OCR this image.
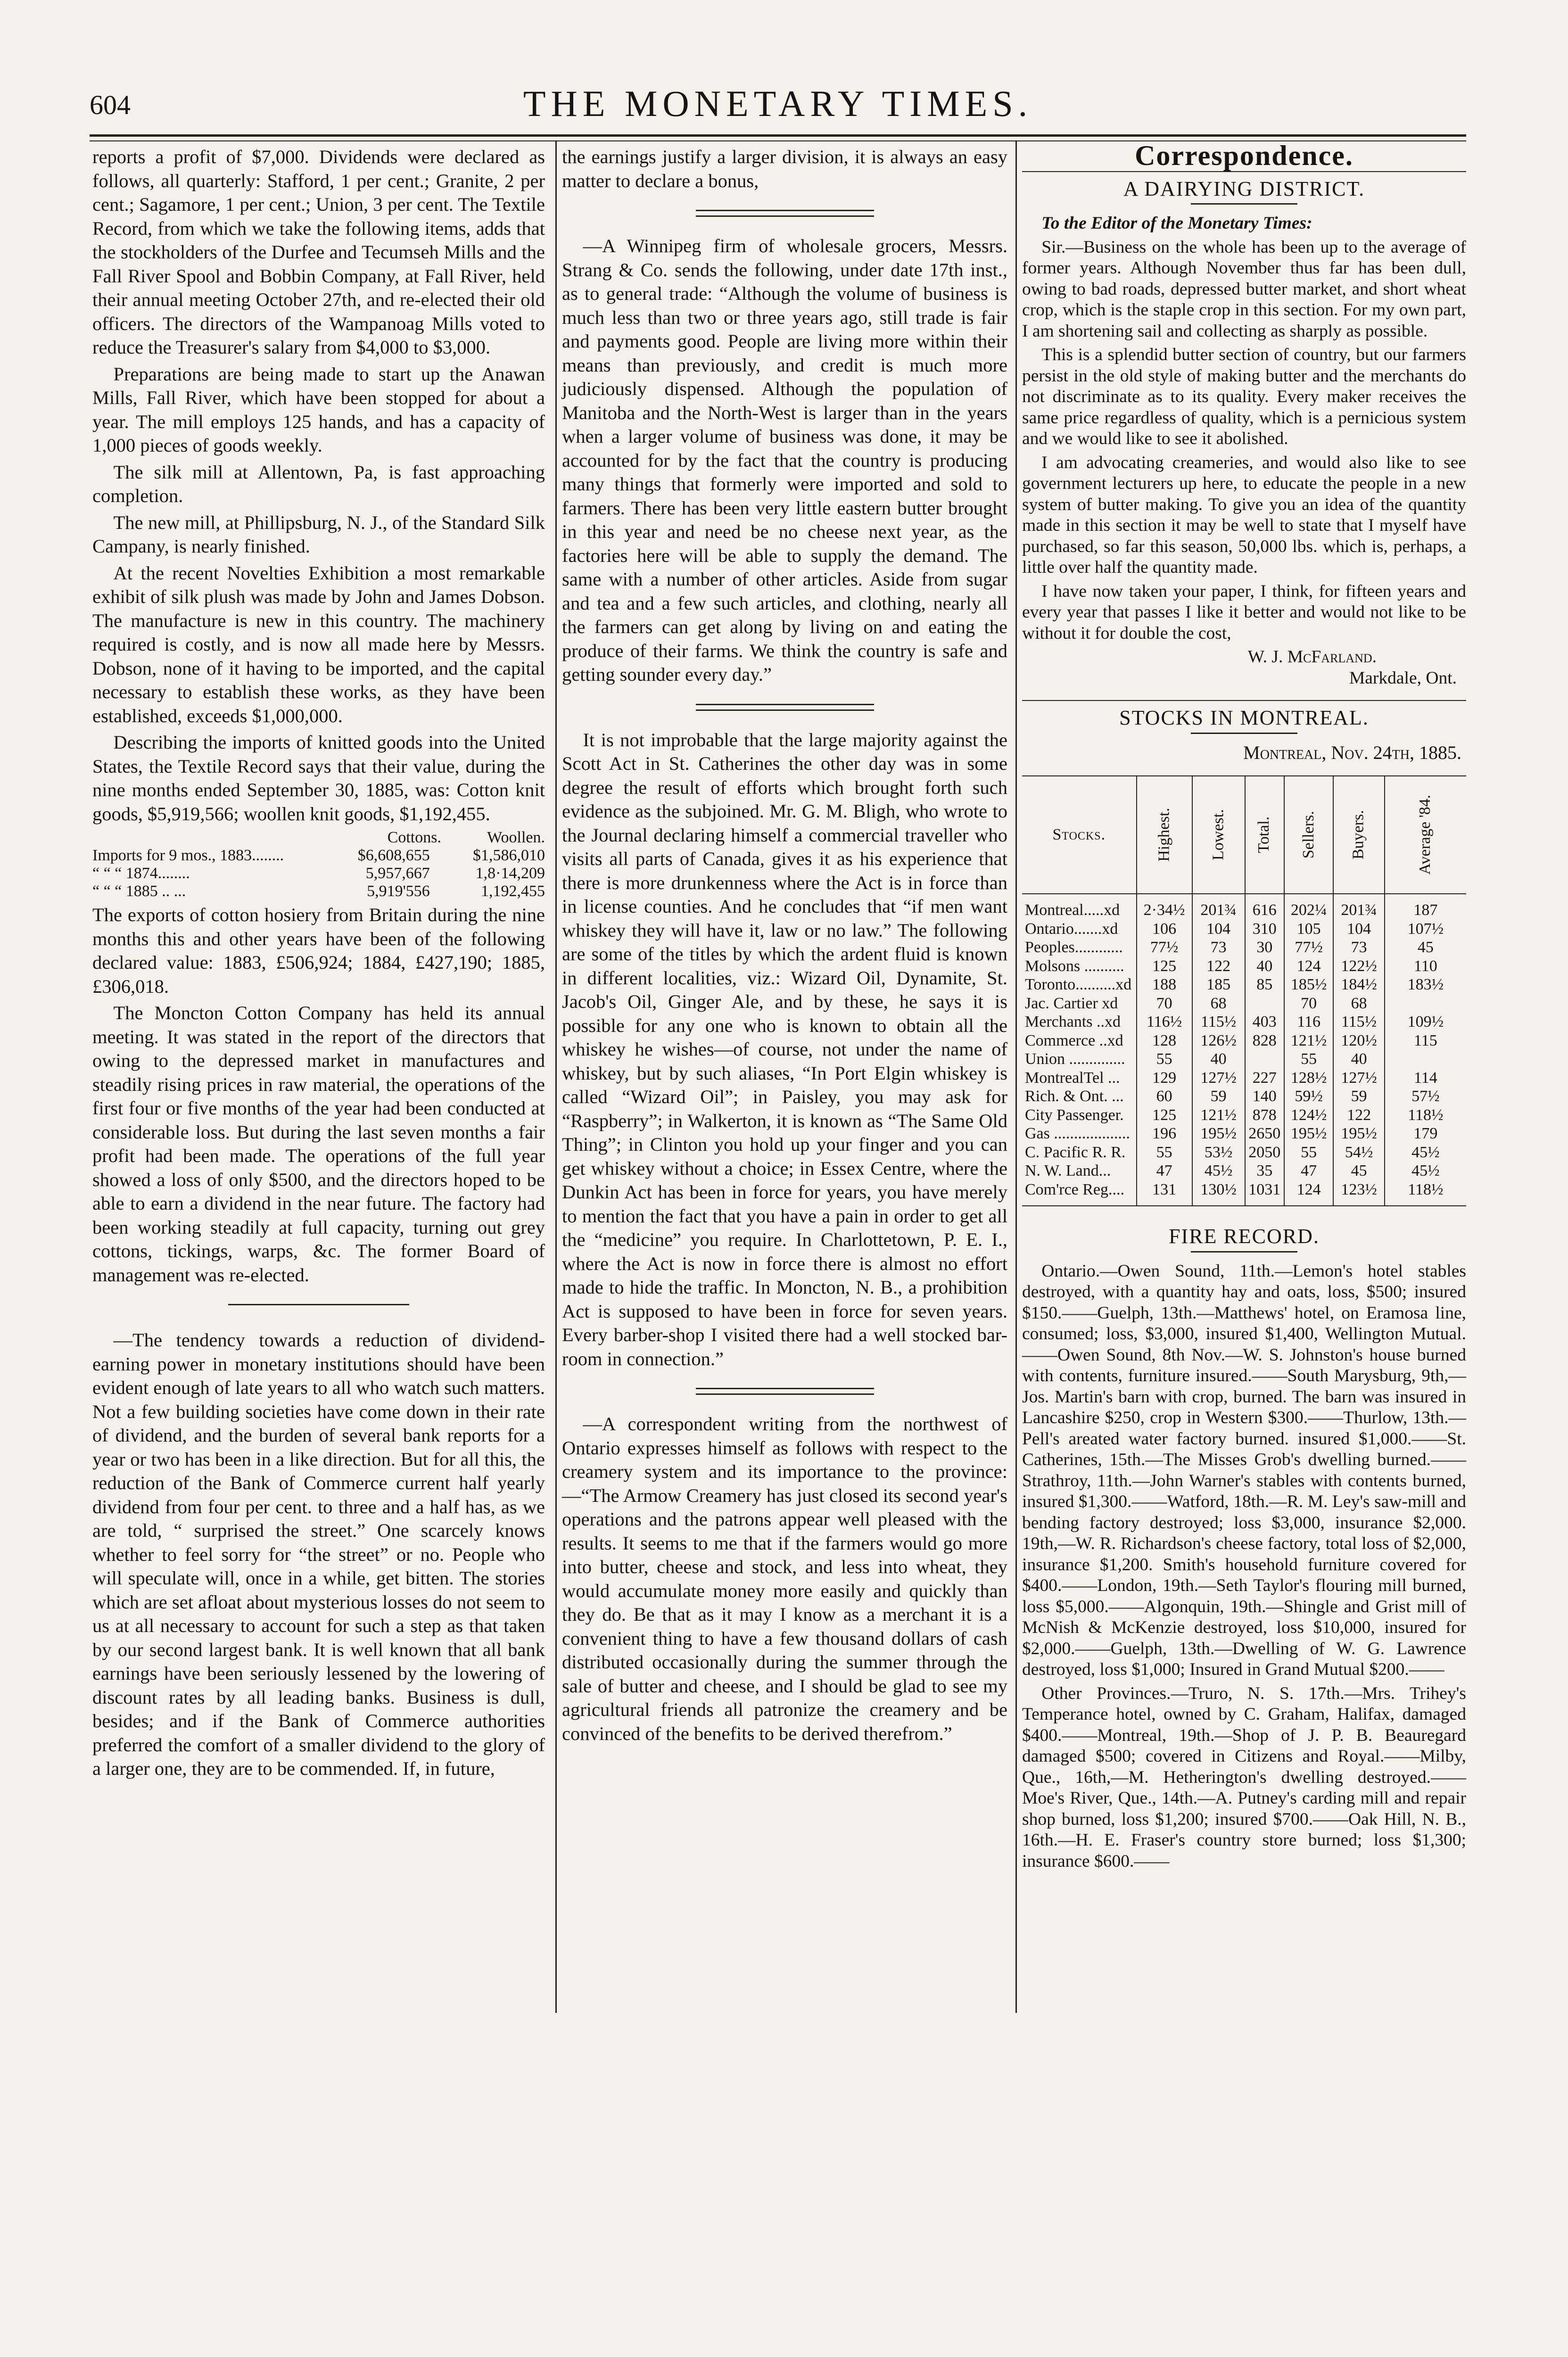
604	THE MONETARY TIMES.

reports a profit of $7,000. Dividends were declared as follows, all quarterly: Stafford, 1 per cent.; Granite, 2 per cent.; Sagamore, 1 per cent.; Union, 3 per cent. The Textile Record, from which we take the following items, adds that the stockholders of the Durfee and Tecumseh Mills and the Fall River Spool and Bobbin Company, at Fall River, held their annual meeting October 27th, and re-elected their old officers. The directors of the Wampanoag Mills voted to reduce the Treasurer's salary from $4,000 to $3,000.

Preparations are being made to start up the Anawan Mills, Fall River, which have been stopped for about a year. The mill employs 125 hands, and has a capacity of 1,000 pieces of goods weekly.

The silk mill at Allentown, Pa, is fast approaching completion.

The new mill, at Phillipsburg, N. J., of the Standard Silk Campany, is nearly finished.

At the recent Novelties Exhibition a most remarkable exhibit of silk plush was made by John and James Dobson. The manufacture is new in this country. The machinery required is costly, and is now all made here by Messrs. Dobson, none of it having to be imported, and the capital necessary to establish these works, as they have been established, exceeds $1,000,000.

Describing the imports of knitted goods into the United States, the Textile Record says that their value, during the nine months ended September 30, 1885, was: Cotton knit goods, $5,919,566; woollen knit goods, $1,192,455.

Cottons.	Woollen.
Imports for 9 mos., 1883........	$6,608,655	$1,586,010
“ “ “ 1874........	5,957,667	1,8·14,209
“ “ “ 1885 .. ...	5,919'556	1,192,455

The exports of cotton hosiery from Britain during the nine months this and other years have been of the following declared value: 1883, £506,924; 1884, £427,190; 1885, £306,018.

The Moncton Cotton Company has held its annual meeting. It was stated in the report of the directors that owing to the depressed market in manufactures and steadily rising prices in raw material, the operations of the first four or five months of the year had been conducted at considerable loss. But during the last seven months a fair profit had been made. The operations of the full year showed a loss of only $500, and the directors hoped to be able to earn a dividend in the near future. The factory had been working steadily at full capacity, turning out grey cottons, tickings, warps, &c. The former Board of management was re-elected.

—The tendency towards a reduction of dividend-earning power in monetary institutions should have been evident enough of late years to all who watch such matters. Not a few building societies have come down in their rate of dividend, and the burden of several bank reports for a year or two has been in a like direction. But for all this, the reduction of the Bank of Commerce current half yearly dividend from four per cent. to three and a half has, as we are told, “ surprised the street.” One scarcely knows whether to feel sorry for “the street” or no. People who will speculate will, once in a while, get bitten. The stories which are set afloat about mysterious losses do not seem to us at all necessary to account for such a step as that taken by our second largest bank. It is well known that all bank earnings have been seriously lessened by the lowering of discount rates by all leading banks. Business is dull, besides; and if the Bank of Commerce authorities preferred the comfort of a smaller dividend to the glory of a larger one, they are to be commended. If, in future,

the earnings justify a larger division, it is always an easy matter to declare a bonus,

—A Winnipeg firm of wholesale grocers, Messrs. Strang & Co. sends the following, under date 17th inst., as to general trade: “Although the volume of business is much less than two or three years ago, still trade is fair and payments good. People are living more within their means than previously, and credit is much more judiciously dispensed. Although the population of Manitoba and the North-West is larger than in the years when a larger volume of business was done, it may be accounted for by the fact that the country is producing many things that formerly were imported and sold to farmers. There has been very little eastern butter brought in this year and need be no cheese next year, as the factories here will be able to supply the demand. The same with a number of other articles. Aside from sugar and tea and a few such articles, and clothing, nearly all the farmers can get along by living on and eating the produce of their farms. We think the country is safe and getting sounder every day.”

It is not improbable that the large majority against the Scott Act in St. Catherines the other day was in some degree the result of efforts which brought forth such evidence as the subjoined. Mr. G. M. Bligh, who wrote to the Journal declaring himself a commercial traveller who visits all parts of Canada, gives it as his experience that there is more drunkenness where the Act is in force than in license counties. And he concludes that “if men want whiskey they will have it, law or no law.” The following are some of the titles by which the ardent fluid is known in different localities, viz.: Wizard Oil, Dynamite, St. Jacob's Oil, Ginger Ale, and by these, he says it is possible for any one who is known to obtain all the whiskey he wishes—of course, not under the name of whiskey, but by such aliases, “In Port Elgin whiskey is called “Wizard Oil”; in Paisley, you may ask for “Raspberry”; in Walkerton, it is known as “The Same Old Thing”; in Clinton you hold up your finger and you can get whiskey without a choice; in Essex Centre, where the Dunkin Act has been in force for years, you have merely to mention the fact that you have a pain in order to get all the “medicine” you require. In Charlottetown, P. E. I., where the Act is now in force there is almost no effort made to hide the traffic. In Moncton, N. B., a prohibition Act is supposed to have been in force for seven years. Every barber-shop I visited there had a well stocked bar-room in connection.”

—A correspondent writing from the northwest of Ontario expresses himself as follows with respect to the creamery system and its importance to the province:—“The Armow Creamery has just closed its second year's operations and the patrons appear well pleased with the results. It seems to me that if the farmers would go more into butter, cheese and stock, and less into wheat, they would accumulate money more easily and quickly than they do. Be that as it may I know as a merchant it is a convenient thing to have a few thousand dollars of cash distributed occasionally during the summer through the sale of butter and cheese, and I should be glad to see my agricultural friends all patronize the creamery and be convinced of the benefits to be derived therefrom.”

Correspondence.
A DAIRYING DISTRICT.

To the Editor of the Monetary Times:

Sir.—Business on the whole has been up to the average of former years. Although November thus far has been dull, owing to bad roads, depressed butter market, and short wheat crop, which is the staple crop in this section. For my own part, I am shortening sail and collecting as sharply as possible.

This is a splendid butter section of country, but our farmers persist in the old style of making butter and the merchants do not discriminate as to its quality. Every maker receives the same price regardless of quality, which is a pernicious system and we would like to see it abolished.

I am advocating creameries, and would also like to see government lecturers up here, to educate the people in a new system of butter making. To give you an idea of the quantity made in this section it may be well to state that I myself have purchased, so far this season, 50,000 lbs. which is, perhaps, a little over half the quantity made.

I have now taken your paper, I think, for fifteen years and every year that passes I like it better and would not like to be without it for double the cost,

W. J. McFarland.
Markdale, Ont.
STOCKS IN MONTREAL.
Montreal, Nov. 24th, 1885.
Stocks.	Highest.	Lowest.	Total.	Sellers.	Buyers.	Average '84.
Montreal.....xd	2·34½	201¾	616	202¼	201¾	187
Ontario.......xd	106	104	310	105	104	107½
Peoples............	77½	73	30	77½	73	45
Molsons ..........	125	122	40	124	122½	110
Toronto..........xd	188	185	85	185½	184½	183½
Jac. Cartier xd	70	68		70	68	
Merchants ..xd	116½	115½	403	116	115½	109½
Commerce ..xd	128	126½	828	121½	120½	115
Union ..............	55	40		55	40	
MontrealTel ...	129	127½	227	128½	127½	114
Rich. & Ont. ...	60	59	140	59½	59	57½
City Passenger.	125	121½	878	124½	122	118½
Gas ...................	196	195½	2650	195½	195½	179
C. Pacific R. R.	55	53½	2050	55	54½	45½
N. W. Land...	47	45½	35	47	45	45½
Com'rce Reg....	131	130½	1031	124	123½	118½
FIRE RECORD.

Ontario.—Owen Sound, 11th.—Lemon's hotel stables destroyed, with a quantity hay and oats, loss, $500; insured $150.——Guelph, 13th.—Matthews' hotel, on Eramosa line, consumed; loss, $3,000, insured $1,400, Wellington Mutual.——Owen Sound, 8th Nov.—W. S. Johnston's house burned with contents, furniture insured.——South Marysburg, 9th,—Jos. Martin's barn with crop, burned. The barn was insured in Lancashire $250, crop in Western $300.——Thurlow, 13th.—Pell's areated water factory burned. insured $1,000.——St. Catherines, 15th.—The Misses Grob's dwelling burned.——Strathroy, 11th.—John Warner's stables with contents burned, insured $1,300.——Watford, 18th.—R. M. Ley's saw-mill and bending factory destroyed; loss $3,000, insurance $2,000. 19th,—W. R. Richardson's cheese factory, total loss of $2,000, insurance $1,200. Smith's household furniture covered for $400.——London, 19th.—Seth Taylor's flouring mill burned, loss $5,000.——Algonquin, 19th.—Shingle and Grist mill of McNish & McKenzie destroyed, loss $10,000, insured for $2,000.——Guelph, 13th.—Dwelling of W. G. Lawrence destroyed, loss $1,000; Insured in Grand Mutual $200.——

Other Provinces.—Truro, N. S. 17th.—Mrs. Trihey's Temperance hotel, owned by C. Graham, Halifax, damaged $400.——Montreal, 19th.—Shop of J. P. B. Beauregard damaged $500; covered in Citizens and Royal.——Milby, Que., 16th,—M. Hetherington's dwelling destroyed.——Moe's River, Que., 14th.—A. Putney's carding mill and repair shop burned, loss $1,200; insured $700.——Oak Hill, N. B., 16th.—H. E. Fraser's country store burned; loss $1,300; insurance $600.——
